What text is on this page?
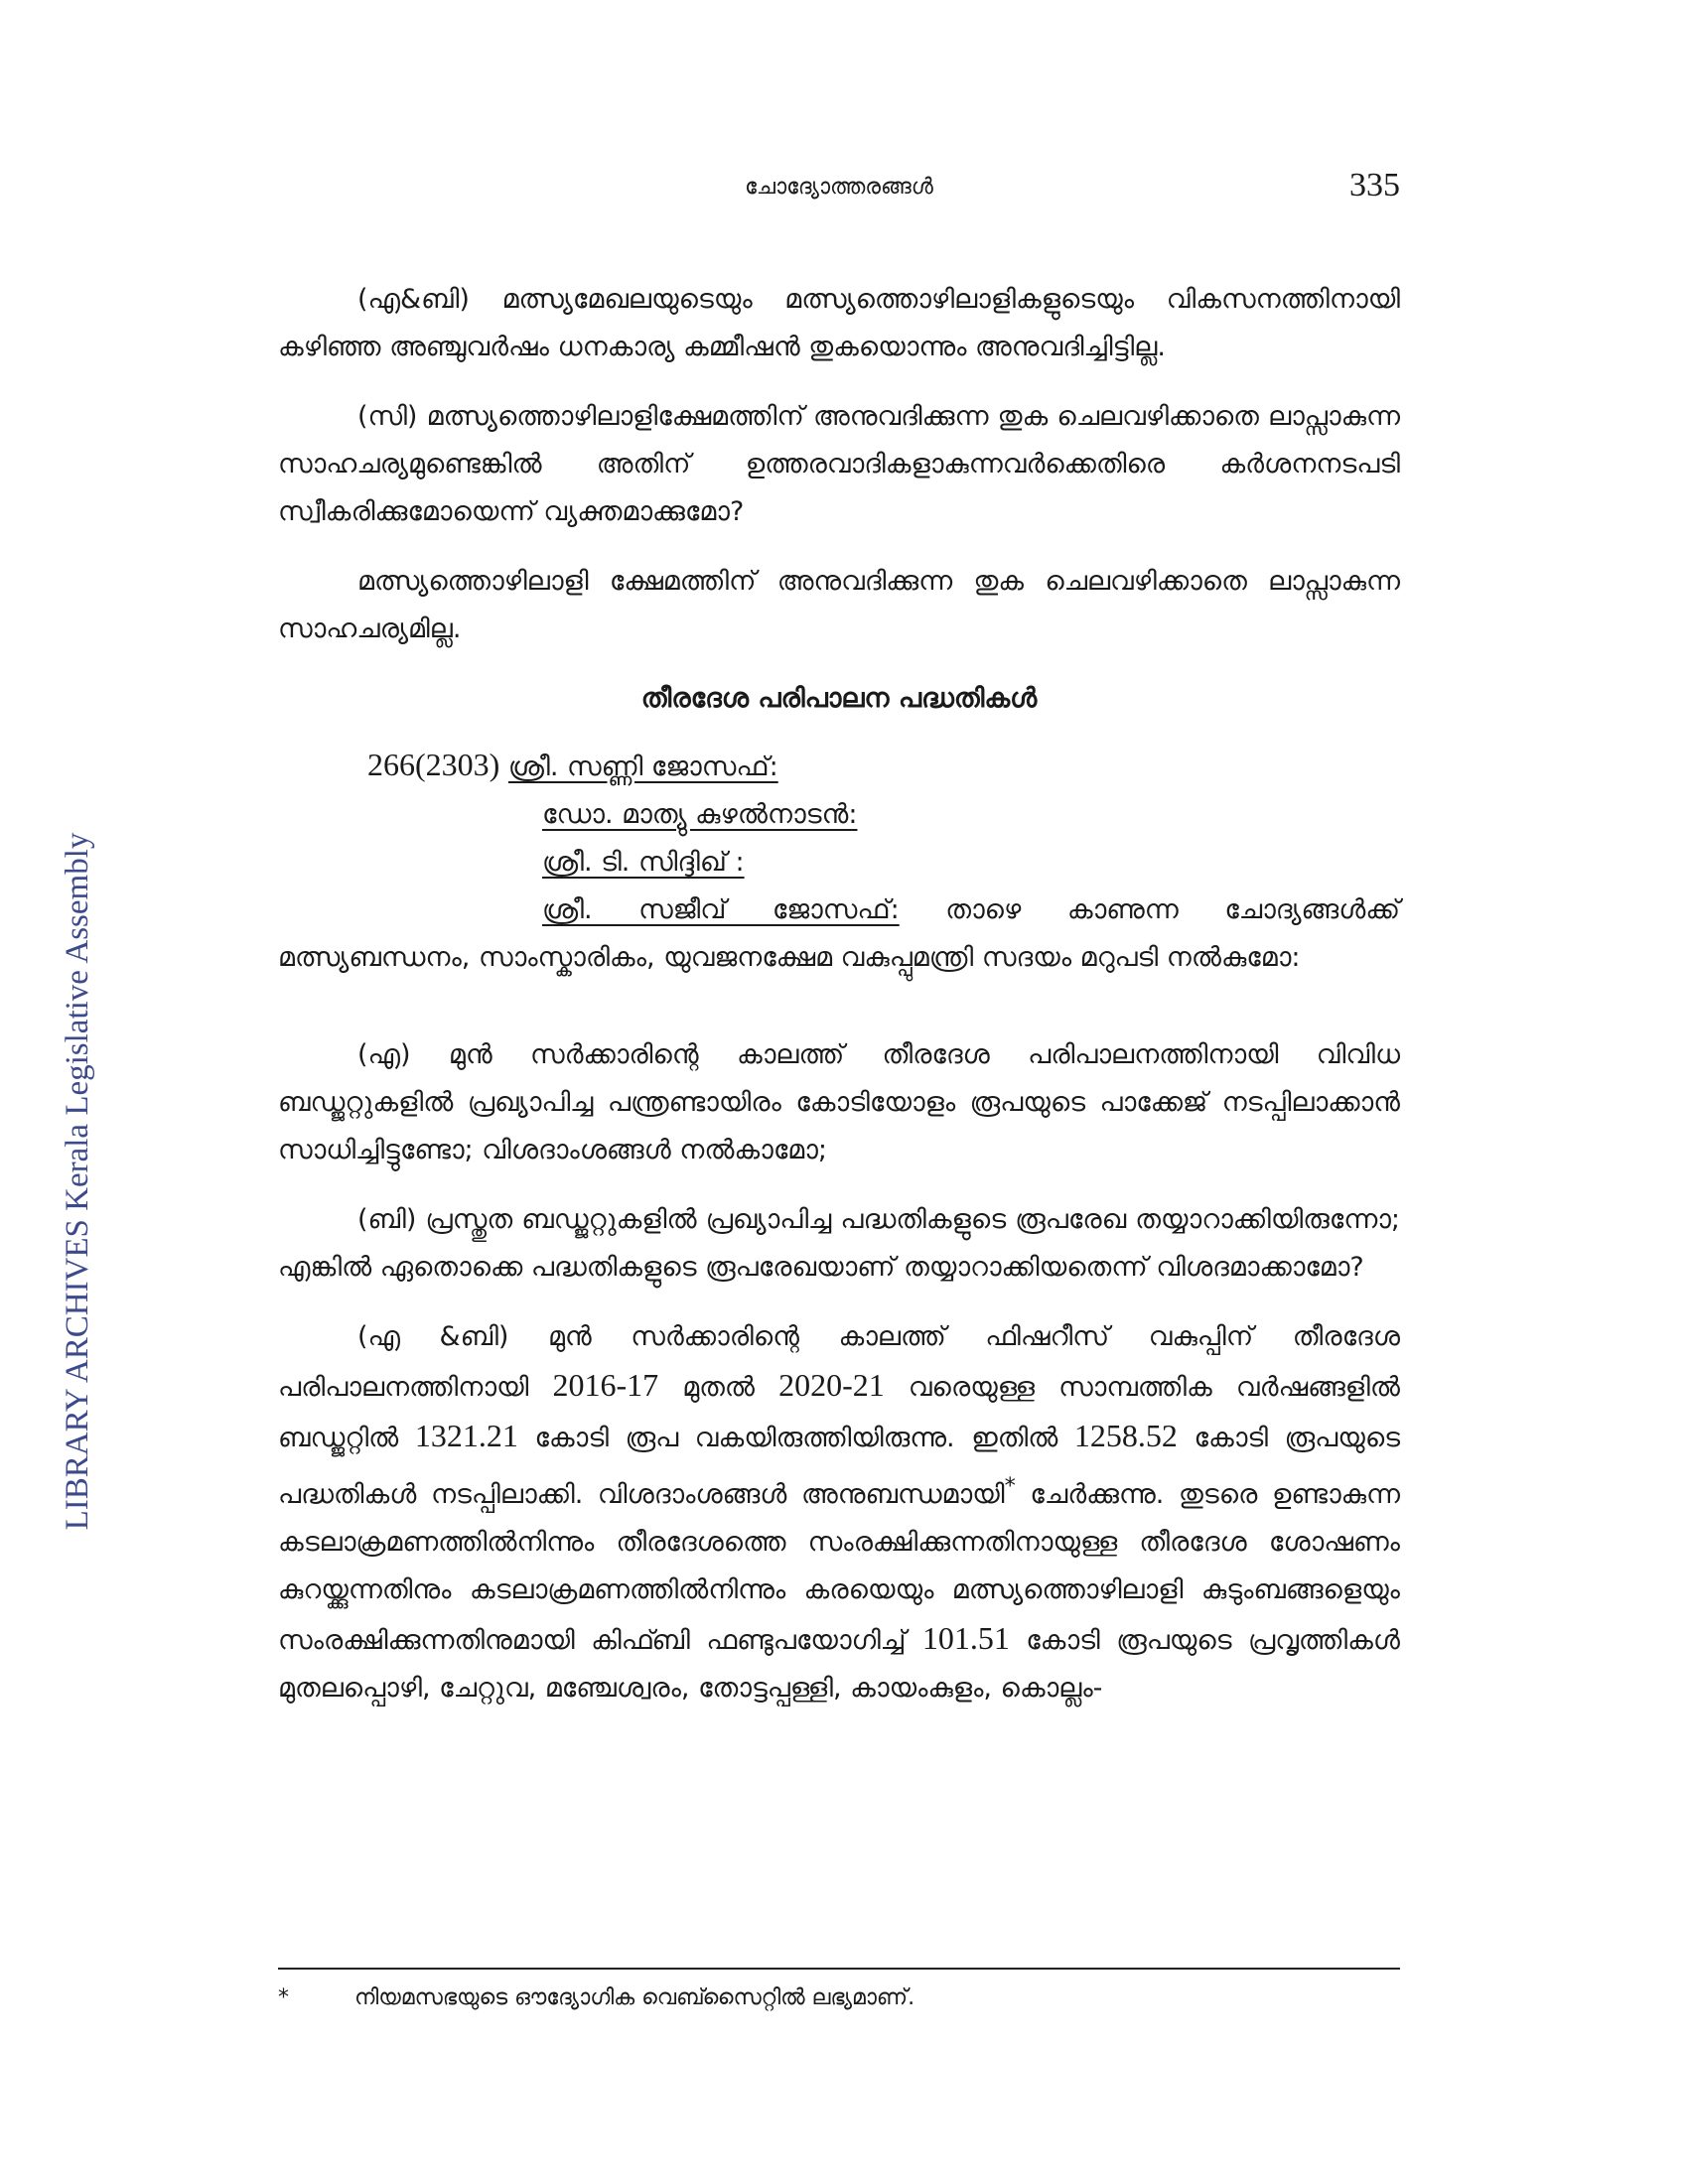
LIBRARY ARCHIVES Kerala Legislative Assembly
ചോദ്യോത്തരങ്ങൾ	335

(എ&ബി) മത്സ്യമേഖലയുടെയും മത്സ്യത്തൊഴിലാളികളുടെയും വികസനത്തിനായി കഴിഞ്ഞ അഞ്ചുവർഷം ധനകാര്യ കമ്മീഷൻ തുകയൊന്നും അനുവദിച്ചിട്ടില്ല.

(സി) മത്സ്യത്തൊഴിലാളിക്ഷേമത്തിന് അനുവദിക്കുന്ന തുക ചെലവഴിക്കാതെ ലാപ്സാകുന്ന സാഹചര്യമുണ്ടെങ്കിൽ അതിന് ഉത്തരവാദികളാകുന്നവർക്കെതിരെ കർശനനടപടി സ്വീകരിക്കുമോയെന്ന് വ്യക്തമാക്കുമോ?

മത്സ്യത്തൊഴിലാളി ക്ഷേമത്തിന് അനുവദിക്കുന്ന തുക ചെലവഴിക്കാതെ ലാപ്സാകുന്ന സാഹചര്യമില്ല.

തീരദേശ പരിപാലന പദ്ധതികൾ
266(2303) ശ്രീ. സണ്ണി ജോസഫ്:
ഡോ. മാത്യു കുഴൽനാടൻ:
ശ്രീ. ടി. സിദ്ദിഖ് :

ശ്രീ. സജീവ് ജോസഫ്: താഴെ കാണുന്ന ചോദ്യങ്ങൾക്ക് മത്സ്യബന്ധനം, സാംസ്കാരികം, യുവജനക്ഷേമ വകുപ്പുമന്ത്രി സദയം മറുപടി നൽകുമോ:

(എ) മുൻ സർക്കാരിന്റെ കാലത്ത് തീരദേശ പരിപാലനത്തിനായി വിവിധ ബഡ്ജറ്റുകളിൽ പ്രഖ്യാപിച്ച പന്ത്രണ്ടായിരം കോടിയോളം രൂപയുടെ പാക്കേജ് നടപ്പിലാക്കാൻ സാധിച്ചിട്ടുണ്ടോ; വിശദാംശങ്ങൾ നൽകാമോ;

(ബി) പ്രസ്തുത ബഡ്ജറ്റുകളിൽ പ്രഖ്യാപിച്ച പദ്ധതികളുടെ രൂപരേഖ തയ്യാറാക്കിയിരുന്നോ; എങ്കിൽ ഏതൊക്കെ പദ്ധതികളുടെ രൂപരേഖയാണ് തയ്യാറാക്കിയതെന്ന് വിശദമാക്കാമോ?

(എ &ബി) മുൻ സർക്കാരിന്റെ കാലത്ത് ഫിഷറീസ് വകുപ്പിന് തീരദേശ പരിപാലനത്തിനായി 2016-17 മുതൽ 2020-21 വരെയുള്ള സാമ്പത്തിക വർഷങ്ങളിൽ ബഡ്ജറ്റിൽ 1321.21 കോടി രൂപ വകയിരുത്തിയിരുന്നു. ഇതിൽ 1258.52 കോടി രൂപയുടെ പദ്ധതികൾ നടപ്പിലാക്കി. വിശദാംശങ്ങൾ അനുബന്ധമായി* ചേർക്കുന്നു. തുടരെ ഉണ്ടാകുന്ന കടലാക്രമണത്തിൽനിന്നും തീരദേശത്തെ സംരക്ഷിക്കുന്നതിനായുള്ള തീരദേശ ശോഷണം കുറയ്ക്കുന്നതിനും കടലാക്രമണത്തിൽനിന്നും കരയെയും മത്സ്യത്തൊഴിലാളി കുടുംബങ്ങളെയും സംരക്ഷിക്കുന്നതിനുമായി കിഫ്ബി ഫണ്ടുപയോഗിച്ച് 101.51 കോടി രൂപയുടെ പ്രവൃത്തികൾ മുതലപ്പൊഴി, ചേറ്റുവ, മഞ്ചേശ്വരം, തോട്ടപ്പള്ളി, കായംകുളം, കൊല്ലം-

*	നിയമസഭയുടെ ഔദ്യോഗിക വെബ്സൈറ്റിൽ ലഭ്യമാണ്.
